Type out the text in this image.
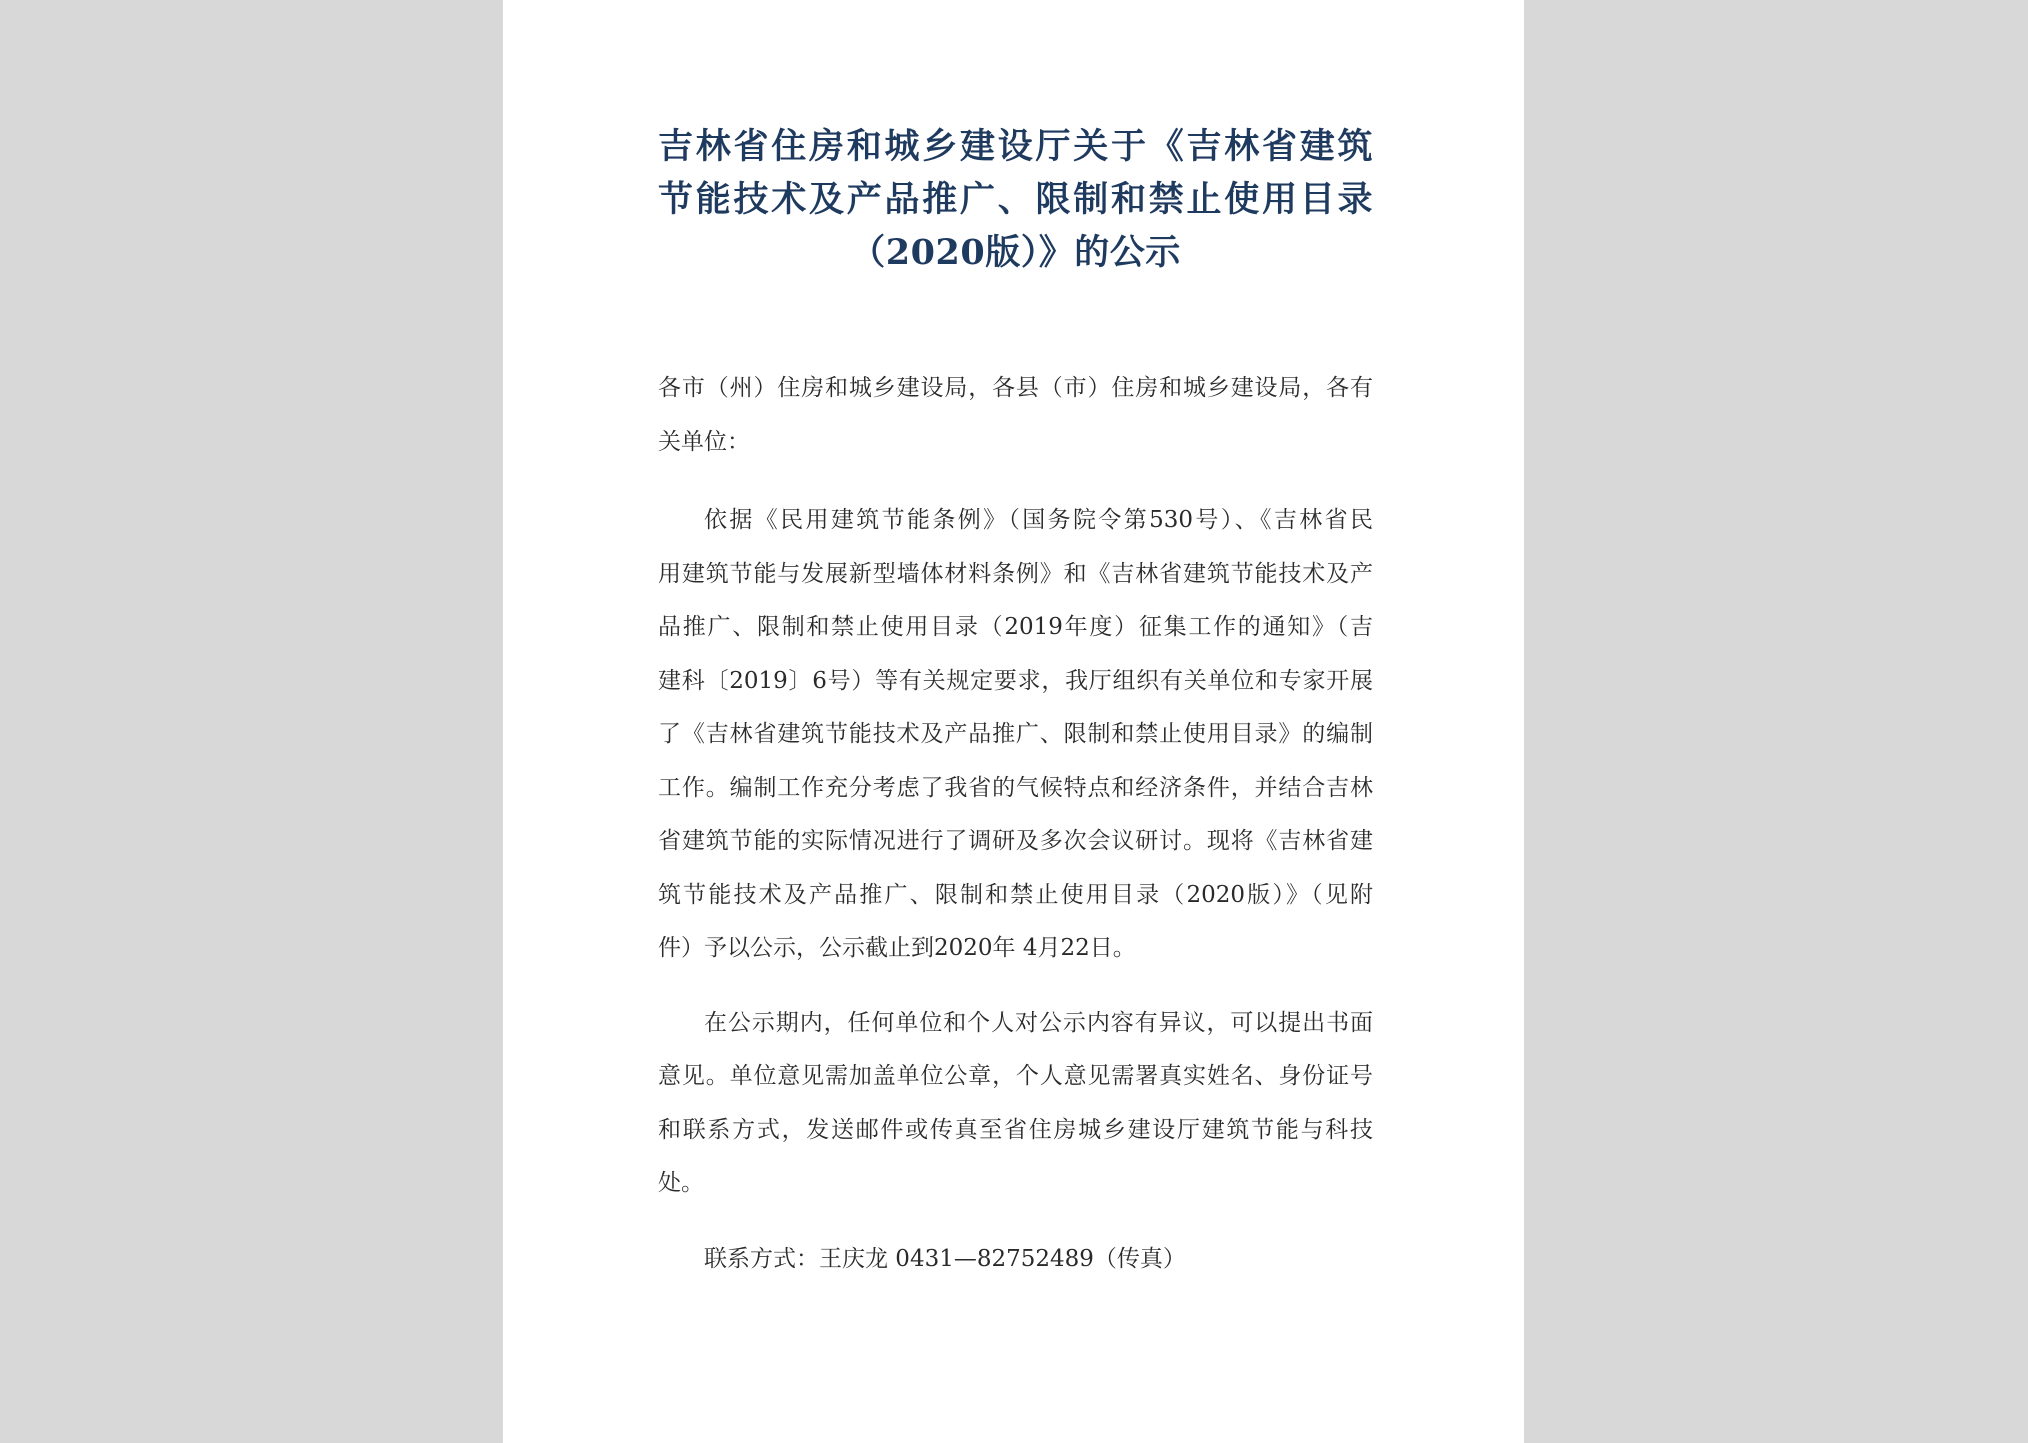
吉林省住房和城乡建设厅关于《吉林省建筑
节能技术及产品推广、限制和禁止使用目录
（2020版）》的公示

各市（州）住房和城乡建设局，各县（市）住房和城乡建设局，各有
关单位：

依据《民用建筑节能条例》（国务院令第530号）、《吉林省民
用建筑节能与发展新型墙体材料条例》和《吉林省建筑节能技术及产
品推广、限制和禁止使用目录（2019年度）征集工作的通知》（吉
建科〔2019〕6号）等有关规定要求，我厅组织有关单位和专家开展
了《吉林省建筑节能技术及产品推广、限制和禁止使用目录》的编制
工作。编制工作充分考虑了我省的气候特点和经济条件，并结合吉林
省建筑节能的实际情况进行了调研及多次会议研讨。现将《吉林省建
筑节能技术及产品推广、限制和禁止使用目录（2020版）》（见附
件）予以公示，公示截止到2020年 4月22日。

在公示期内，任何单位和个人对公示内容有异议，可以提出书面
意见。单位意见需加盖单位公章，个人意见需署真实姓名、身份证号
和联系方式，发送邮件或传真至省住房城乡建设厅建筑节能与科技
处。

联系方式：王庆龙 0431—82752489（传真）
